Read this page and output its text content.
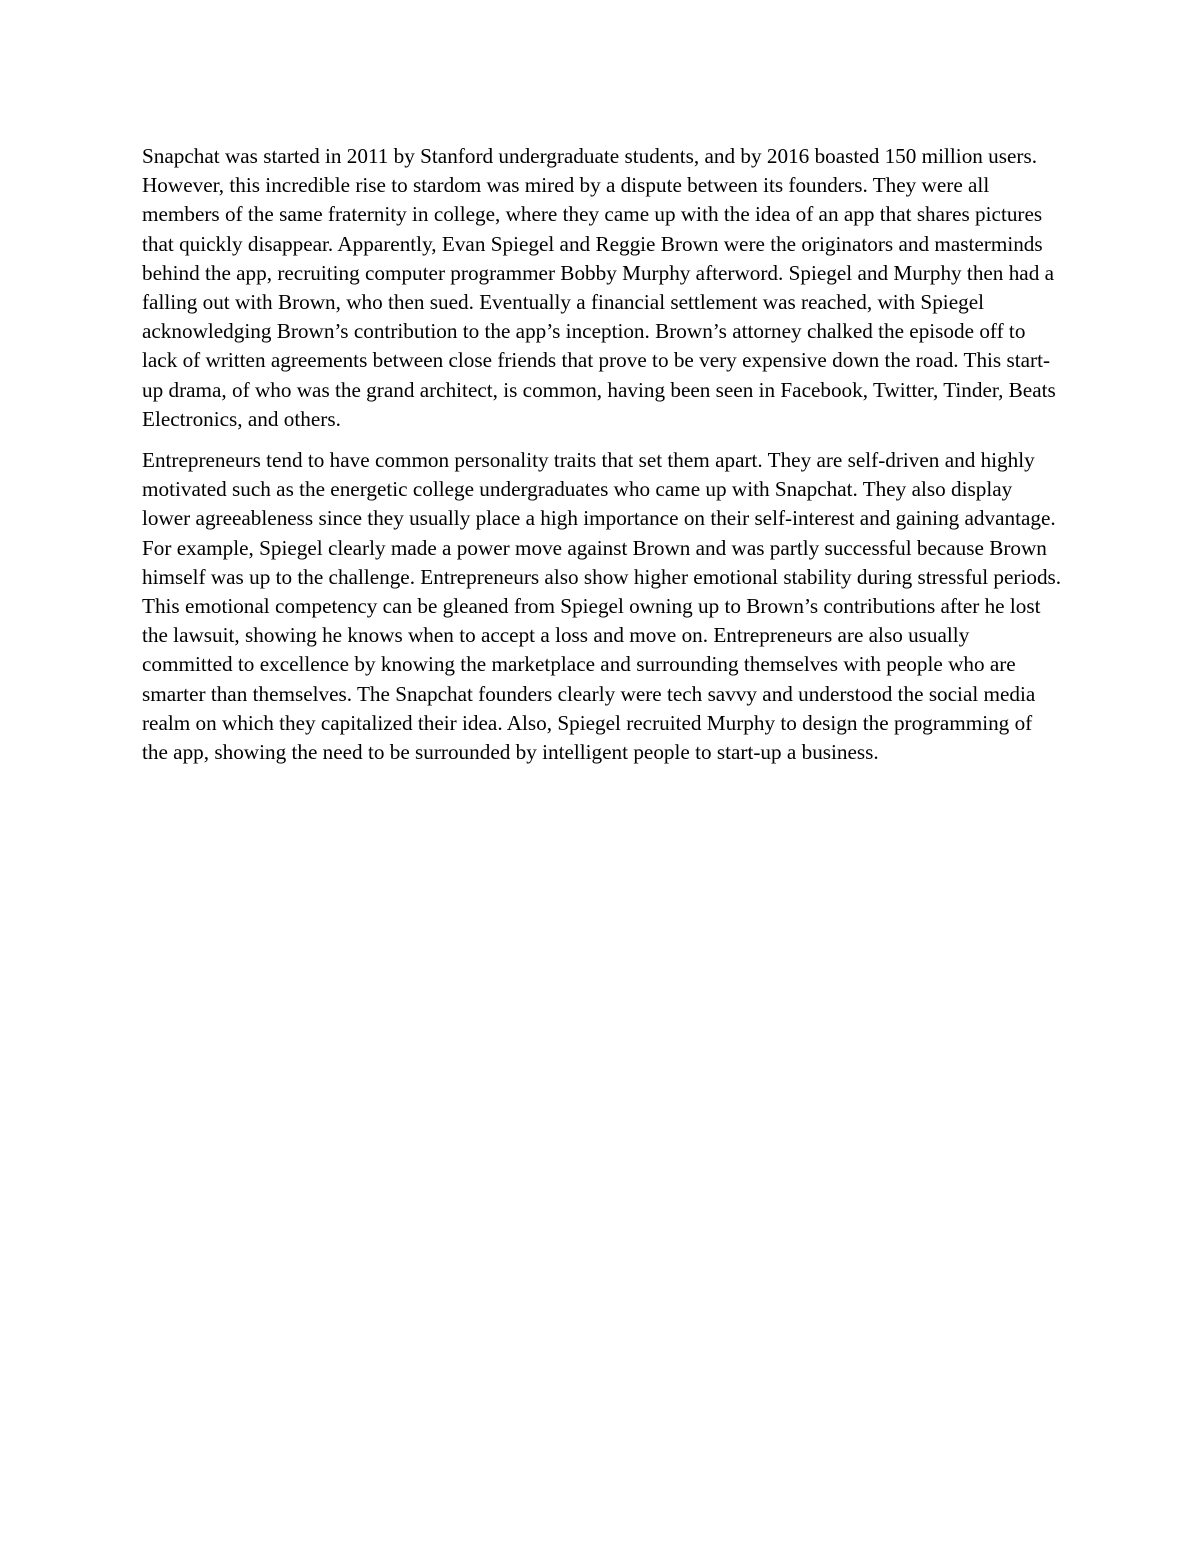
Snapchat was started in 2011 by Stanford undergraduate students, and by 2016 boasted 150 million users. However, this incredible rise to stardom was mired by a dispute between its founders. They were all members of the same fraternity in college, where they came up with the idea of an app that shares pictures that quickly disappear. Apparently, Evan Spiegel and Reggie Brown were the originators and masterminds behind the app, recruiting computer programmer Bobby Murphy afterword. Spiegel and Murphy then had a falling out with Brown, who then sued. Eventually a financial settlement was reached, with Spiegel acknowledging Brown’s contribution to the app’s inception. Brown’s attorney chalked the episode off to lack of written agreements between close friends that prove to be very expensive down the road. This start-up drama, of who was the grand architect, is common, having been seen in Facebook, Twitter, Tinder, Beats Electronics, and others.

Entrepreneurs tend to have common personality traits that set them apart. They are self-driven and highly motivated such as the energetic college undergraduates who came up with Snapchat. They also display lower agreeableness since they usually place a high importance on their self-interest and gaining advantage. For example, Spiegel clearly made a power move against Brown and was partly successful because Brown himself was up to the challenge. Entrepreneurs also show higher emotional stability during stressful periods. This emotional competency can be gleaned from Spiegel owning up to Brown’s contributions after he lost the lawsuit, showing he knows when to accept a loss and move on. Entrepreneurs are also usually committed to excellence by knowing the marketplace and surrounding themselves with people who are smarter than themselves. The Snapchat founders clearly were tech savvy and understood the social media realm on which they capitalized their idea. Also, Spiegel recruited Murphy to design the programming of the app, showing the need to be surrounded by intelligent people to start-up a business.
